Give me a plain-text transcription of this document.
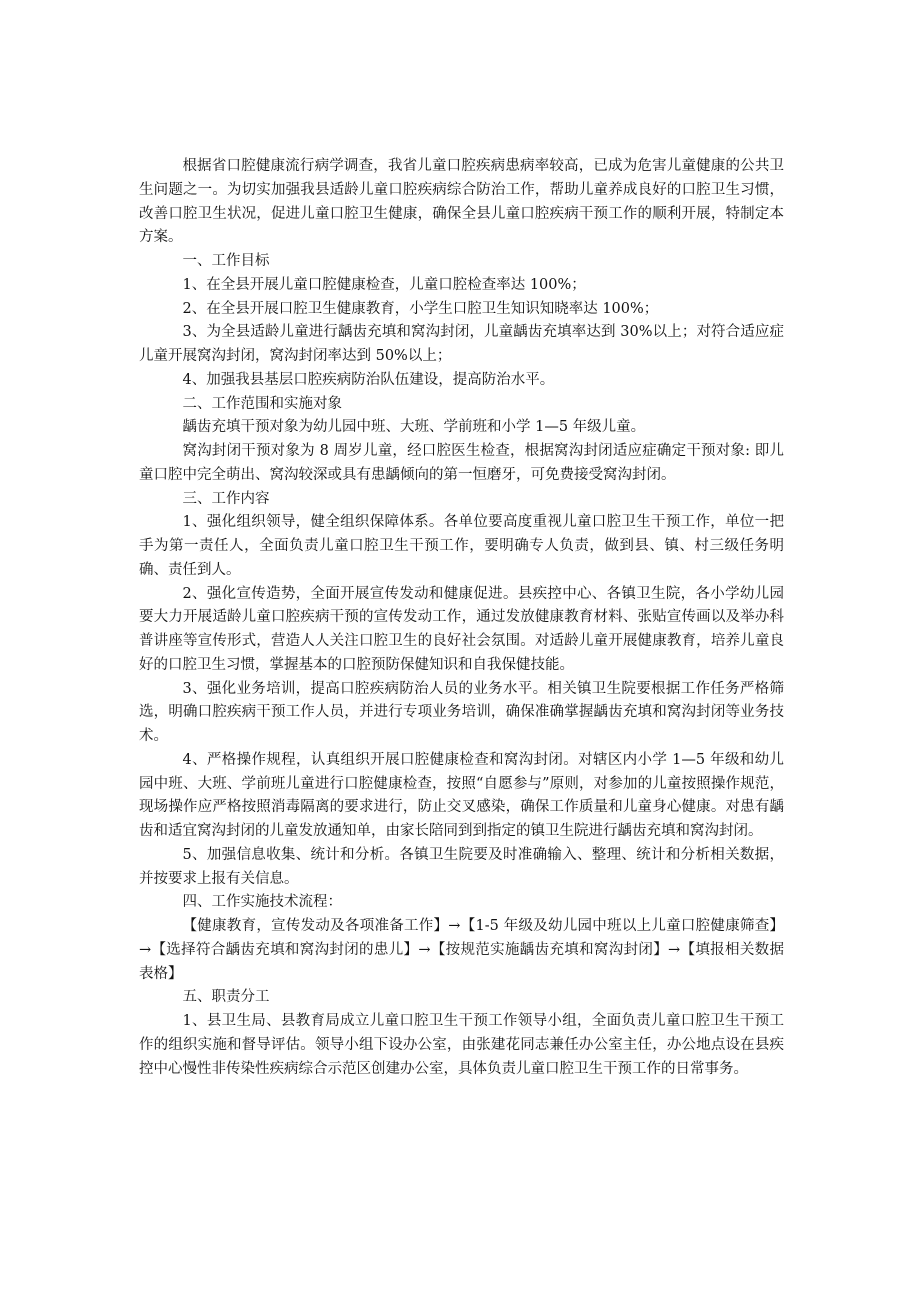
根据省口腔健康流行病学调查，我省儿童口腔疾病患病率较高，已成为危害儿童健康的公共卫生问题之一。为切实加强我县适龄儿童口腔疾病综合防治工作，帮助儿童养成良好的口腔卫生习惯，改善口腔卫生状况，促进儿童口腔卫生健康，确保全县儿童口腔疾病干预工作的顺利开展，特制定本方案。

一、工作目标

1、在全县开展儿童口腔健康检查，儿童口腔检查率达 100%；

2、在全县开展口腔卫生健康教育，小学生口腔卫生知识知晓率达 100%；

3、为全县适龄儿童进行龋齿充填和窝沟封闭，儿童龋齿充填率达到 30%以上；对符合适应症儿童开展窝沟封闭，窝沟封闭率达到 50%以上；

4、加强我县基层口腔疾病防治队伍建设，提高防治水平。

二、工作范围和实施对象

龋齿充填干预对象为幼儿园中班、大班、学前班和小学 1—5 年级儿童。

窝沟封闭干预对象为 8 周岁儿童，经口腔医生检查，根据窝沟封闭适应症确定干预对象: 即儿童口腔中完全萌出、窝沟较深或具有患龋倾向的第一恒磨牙，可免费接受窝沟封闭。

三、工作内容

1、强化组织领导，健全组织保障体系。各单位要高度重视儿童口腔卫生干预工作，单位一把手为第一责任人，全面负责儿童口腔卫生干预工作，要明确专人负责，做到县、镇、村三级任务明确、责任到人。

2、强化宣传造势，全面开展宣传发动和健康促进。县疾控中心、各镇卫生院，各小学幼儿园要大力开展适龄儿童口腔疾病干预的宣传发动工作，通过发放健康教育材料、张贴宣传画以及举办科普讲座等宣传形式，营造人人关注口腔卫生的良好社会氛围。对适龄儿童开展健康教育，培养儿童良好的口腔卫生习惯，掌握基本的口腔预防保健知识和自我保健技能。

3、强化业务培训，提高口腔疾病防治人员的业务水平。相关镇卫生院要根据工作任务严格筛选，明确口腔疾病干预工作人员，并进行专项业务培训，确保准确掌握龋齿充填和窝沟封闭等业务技术。

4、严格操作规程，认真组织开展口腔健康检查和窝沟封闭。对辖区内小学 1—5 年级和幼儿园中班、大班、学前班儿童进行口腔健康检查，按照“自愿参与”原则，对参加的儿童按照操作规范，现场操作应严格按照消毒隔离的要求进行，防止交叉感染，确保工作质量和儿童身心健康。对患有龋齿和适宜窝沟封闭的儿童发放通知单，由家长陪同到到指定的镇卫生院进行龋齿充填和窝沟封闭。

5、加强信息收集、统计和分析。各镇卫生院要及时准确输入、整理、统计和分析相关数据，并按要求上报有关信息。

四、工作实施技术流程：

【健康教育，宣传发动及各项准备工作】→【1-5 年级及幼儿园中班以上儿童口腔健康筛查】→【选择符合龋齿充填和窝沟封闭的患儿】→【按规范实施龋齿充填和窝沟封闭】→【填报相关数据表格】

五、职责分工

1、县卫生局、县教育局成立儿童口腔卫生干预工作领导小组，全面负责儿童口腔卫生干预工作的组织实施和督导评估。领导小组下设办公室，由张建花同志兼任办公室主任，办公地点设在县疾控中心慢性非传染性疾病综合示范区创建办公室，具体负责儿童口腔卫生干预工作的日常事务。
